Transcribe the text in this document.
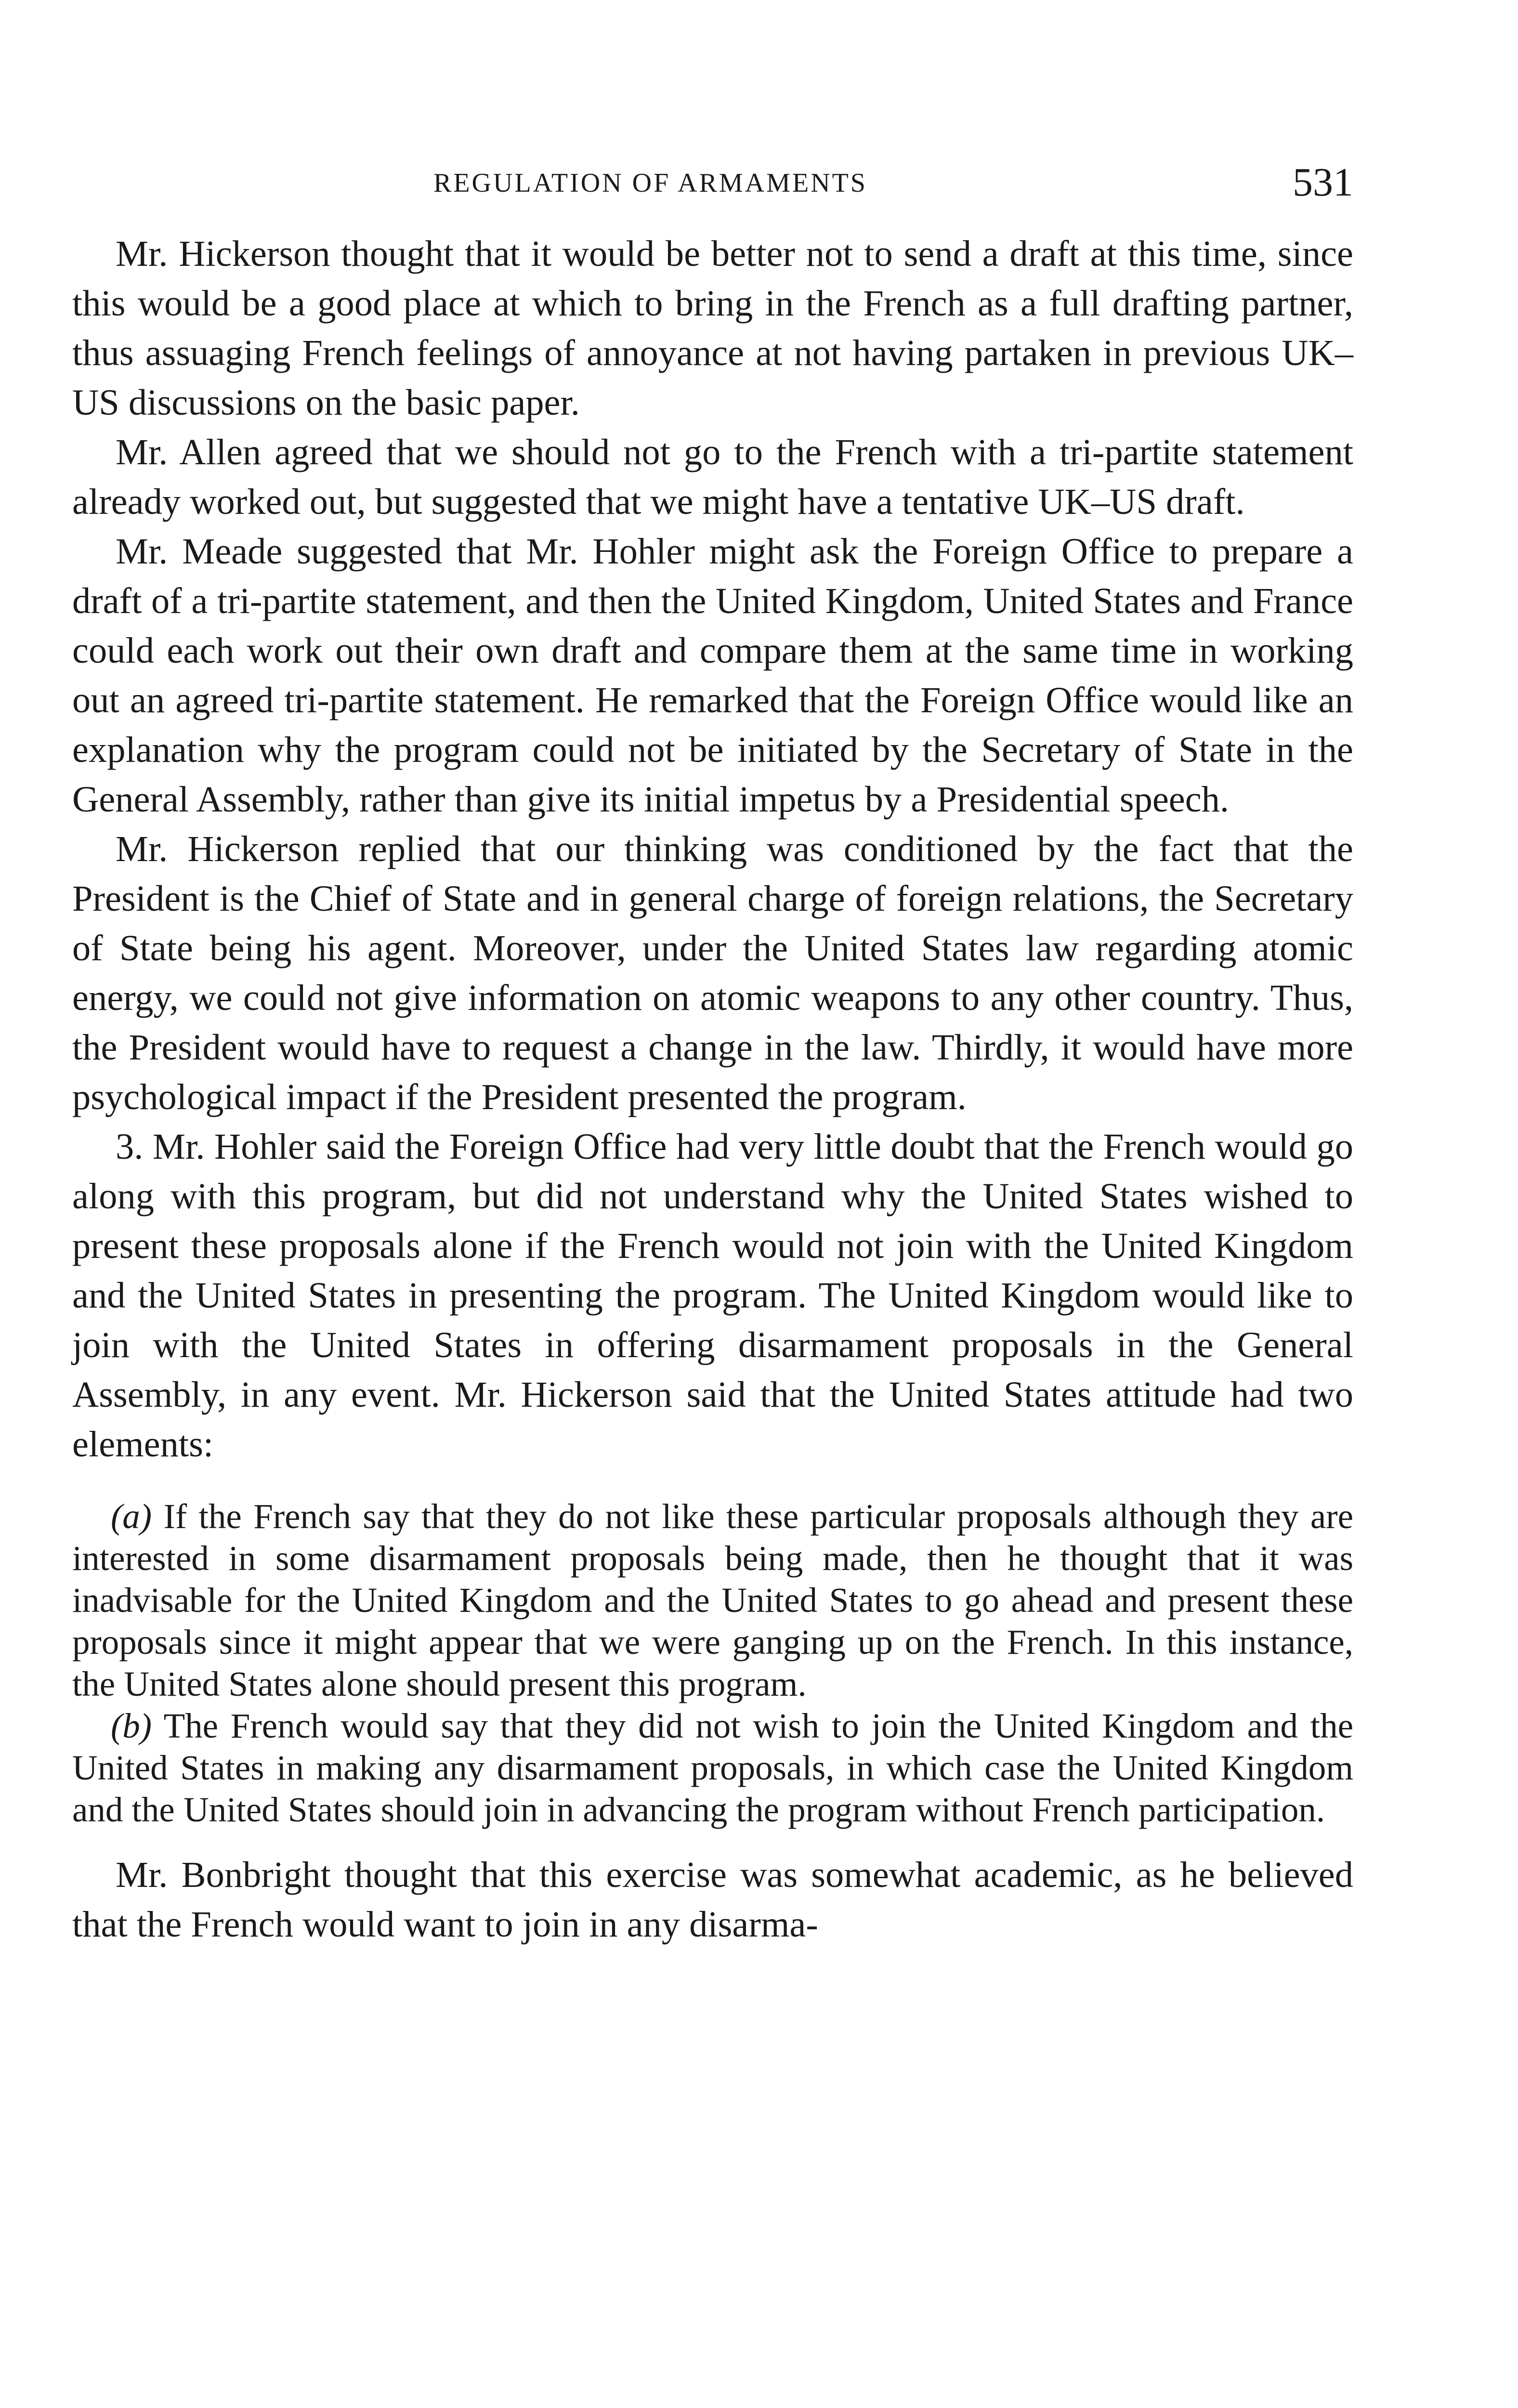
REGULATION OF ARMAMENTS	531

Mr. Hickerson thought that it would be better not to send a draft at this time, since this would be a good place at which to bring in the French as a full drafting partner, thus assuaging French feelings of annoyance at not having partaken in previous UK–US discussions on the basic paper.

Mr. Allen agreed that we should not go to the French with a tri-partite statement already worked out, but suggested that we might have a tentative UK–US draft.

Mr. Meade suggested that Mr. Hohler might ask the Foreign Office to prepare a draft of a tri-partite statement, and then the United Kingdom, United States and France could each work out their own draft and compare them at the same time in working out an agreed tri-partite statement. He remarked that the Foreign Office would like an explanation why the program could not be initiated by the Secretary of State in the General Assembly, rather than give its initial impetus by a Presidential speech.

Mr. Hickerson replied that our thinking was conditioned by the fact that the President is the Chief of State and in general charge of foreign relations, the Secretary of State being his agent. Moreover, under the United States law regarding atomic energy, we could not give information on atomic weapons to any other country. Thus, the President would have to request a change in the law. Thirdly, it would have more psychological impact if the President presented the program.

3. Mr. Hohler said the Foreign Office had very little doubt that the French would go along with this program, but did not understand why the United States wished to present these proposals alone if the French would not join with the United Kingdom and the United States in presenting the program. The United Kingdom would like to join with the United States in offering disarmament proposals in the General Assembly, in any event. Mr. Hickerson said that the United States attitude had two elements:

(a) If the French say that they do not like these particular proposals although they are interested in some disarmament proposals being made, then he thought that it was inadvisable for the United Kingdom and the United States to go ahead and present these proposals since it might appear that we were ganging up on the French. In this instance, the United States alone should present this program.

(b) The French would say that they did not wish to join the United Kingdom and the United States in making any disarmament proposals, in which case the United Kingdom and the United States should join in advancing the program without French participation.

Mr. Bonbright thought that this exercise was somewhat academic, as he believed that the French would want to join in any disarma-
